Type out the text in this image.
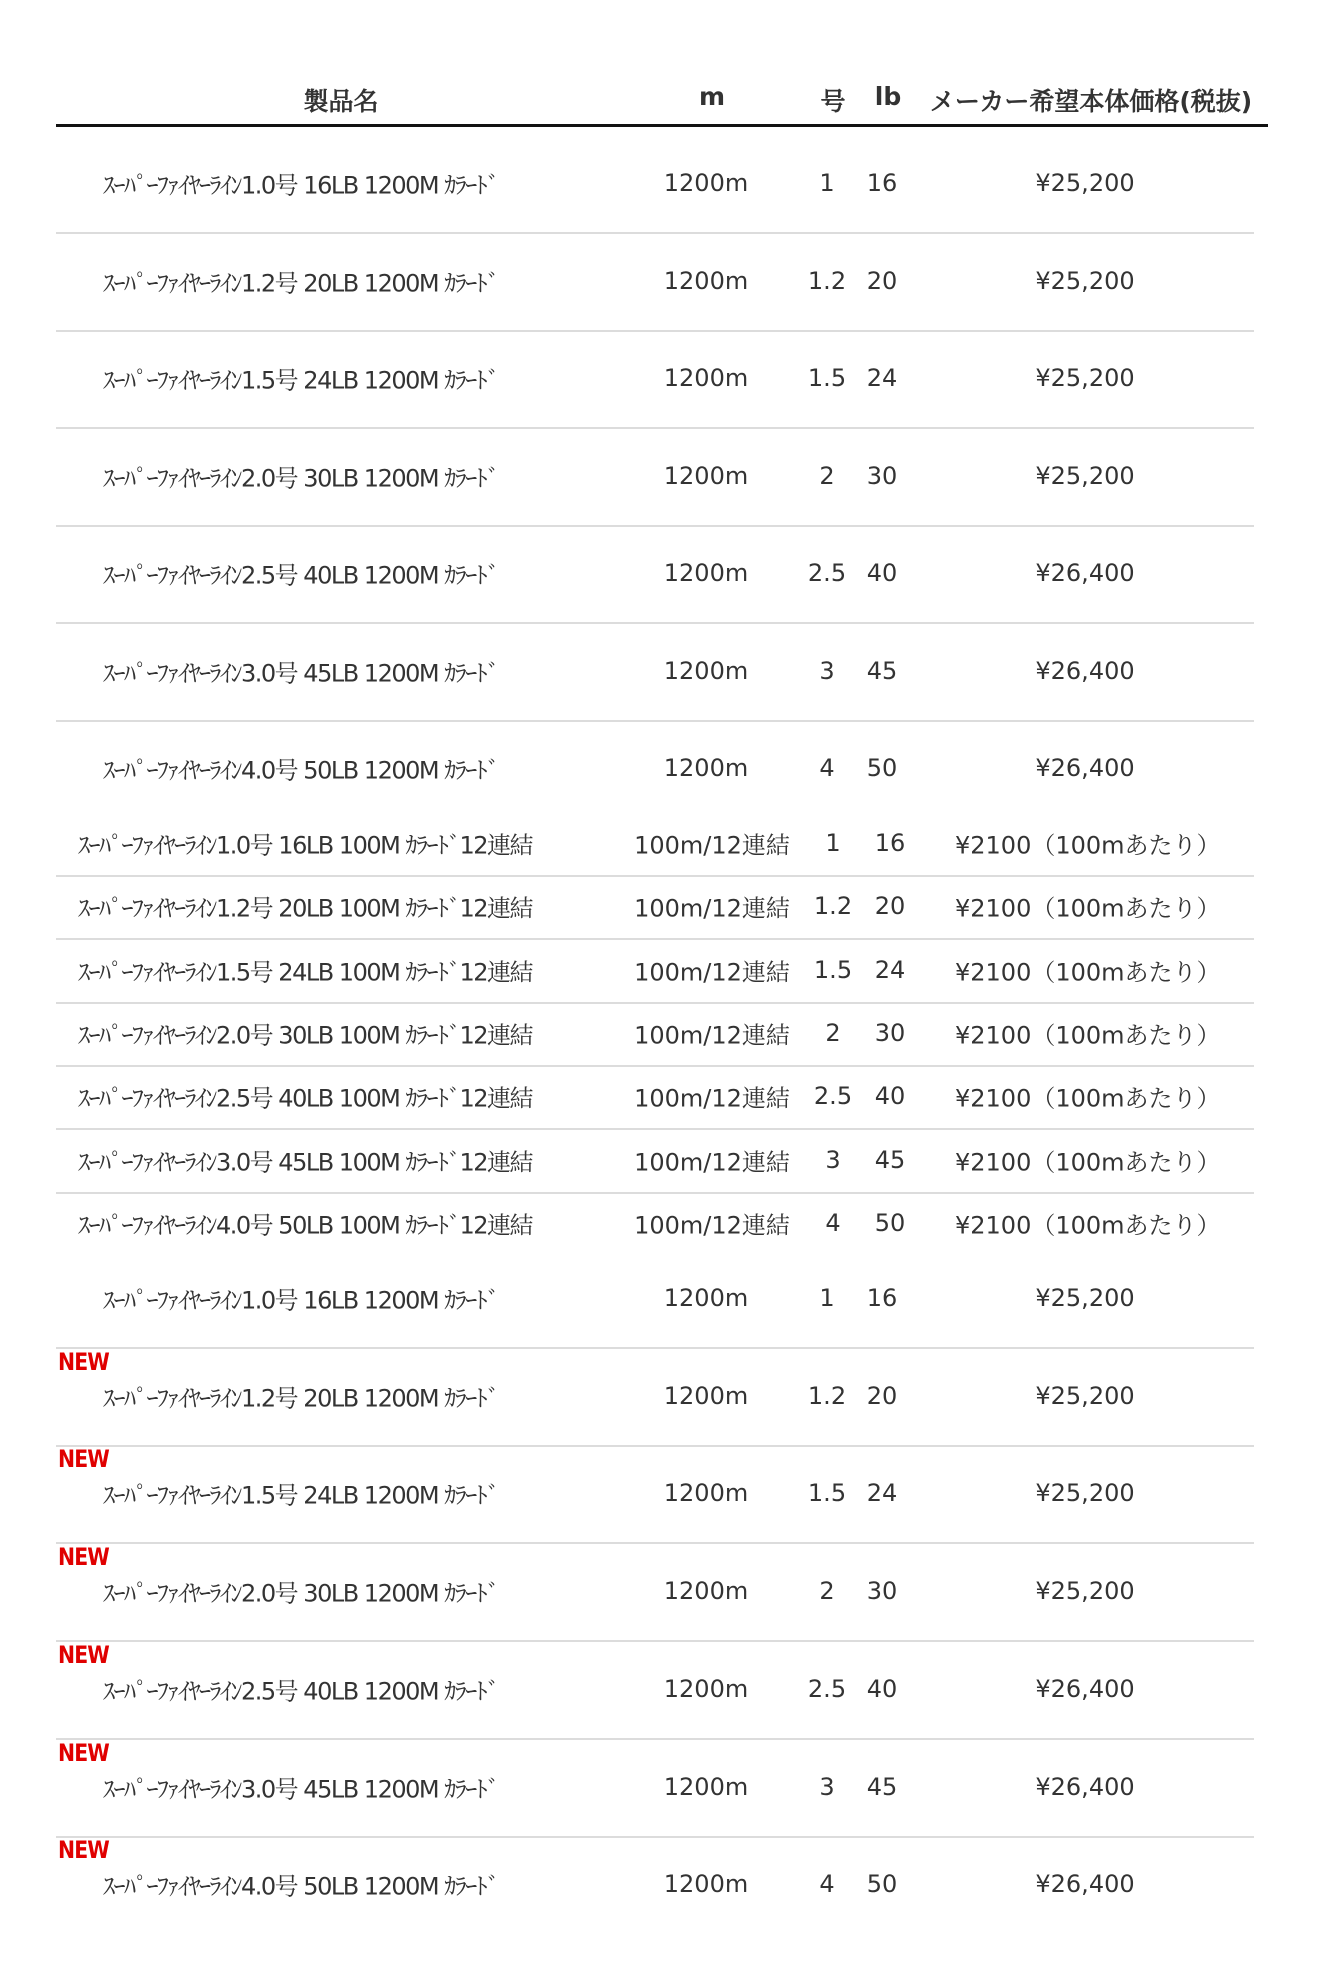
製品名	m	号 lb メーカー希望本体価格(税抜)
ｽｰﾊﾟｰﾌｧｲﾔｰﾗｲﾝ1.0号 16LB 1200M ｶﾗｰﾄﾞ	1200m	1 16	¥25,200
ｽｰﾊﾟｰﾌｧｲﾔｰﾗｲﾝ1.2号 20LB 1200M ｶﾗｰﾄﾞ	1200m 1.2 20	¥25,200
ｽｰﾊﾟｰﾌｧｲﾔｰﾗｲﾝ1.5号 24LB 1200M ｶﾗｰﾄﾞ	1200m 1.5 24	¥25,200
ｽｰﾊﾟｰﾌｧｲﾔｰﾗｲﾝ2.0号 30LB 1200M ｶﾗｰﾄﾞ	1200m	2 30	¥25,200
ｽｰﾊﾟｰﾌｧｲﾔｰﾗｲﾝ2.5号 40LB 1200M ｶﾗｰﾄﾞ	1200m 2.5 40	¥26,400
ｽｰﾊﾟｰﾌｧｲﾔｰﾗｲﾝ3.0号 45LB 1200M ｶﾗｰﾄﾞ	1200m	3 45	¥26,400
ｽｰﾊﾟｰﾌｧｲﾔｰﾗｲﾝ4.0号 50LB 1200M ｶﾗｰﾄﾞ	1200m	4 50	¥26,400
ｽｰﾊﾟｰﾌｧｲﾔｰﾗｲﾝ1.0号 16LB 100M ｶﾗｰﾄﾞ12連結	100m/12連結 1 16 ¥2100（100mあたり）
ｽｰﾊﾟｰﾌｧｲﾔｰﾗｲﾝ1.2号 20LB 100M ｶﾗｰﾄﾞ12連結	100m/12連結 1.2 20 ¥2100（100mあたり）
ｽｰﾊﾟｰﾌｧｲﾔｰﾗｲﾝ1.5号 24LB 100M ｶﾗｰﾄﾞ12連結	100m/12連結 1.5 24 ¥2100（100mあたり）
ｽｰﾊﾟｰﾌｧｲﾔｰﾗｲﾝ2.0号 30LB 100M ｶﾗｰﾄﾞ12連結	100m/12連結 2 30 ¥2100（100mあたり）
ｽｰﾊﾟｰﾌｧｲﾔｰﾗｲﾝ2.5号 40LB 100M ｶﾗｰﾄﾞ12連結	100m/12連結 2.5 40 ¥2100（100mあたり）
ｽｰﾊﾟｰﾌｧｲﾔｰﾗｲﾝ3.0号 45LB 100M ｶﾗｰﾄﾞ12連結	100m/12連結 3 45 ¥2100（100mあたり）
ｽｰﾊﾟｰﾌｧｲﾔｰﾗｲﾝ4.0号 50LB 100M ｶﾗｰﾄﾞ12連結	100m/12連結 4 50 ¥2100（100mあたり）
ｽｰﾊﾟｰﾌｧｲﾔｰﾗｲﾝ1.0号 16LB 1200M ｶﾗｰﾄﾞ	1200m	1 16	¥25,200
ｽｰﾊﾟｰﾌｧｲﾔｰﾗｲﾝ1.2号 20LB 1200M ｶﾗｰﾄﾞ	1200m 1.2 20	¥25,200
NEW
ｽｰﾊﾟｰﾌｧｲﾔｰﾗｲﾝ1.5号 24LB 1200M ｶﾗｰﾄﾞ	1200m 1.5 24	¥25,200
NEW
ｽｰﾊﾟｰﾌｧｲﾔｰﾗｲﾝ2.0号 30LB 1200M ｶﾗｰﾄﾞ	1200m	2 30	¥25,200
NEW
ｽｰﾊﾟｰﾌｧｲﾔｰﾗｲﾝ2.5号 40LB 1200M ｶﾗｰﾄﾞ	1200m 2.5 40	¥26,400
NEW
ｽｰﾊﾟｰﾌｧｲﾔｰﾗｲﾝ3.0号 45LB 1200M ｶﾗｰﾄﾞ	1200m	3 45	¥26,400
NEW
ｽｰﾊﾟｰﾌｧｲﾔｰﾗｲﾝ4.0号 50LB 1200M ｶﾗｰﾄﾞ	1200m	4 50	¥26,400
NEW
